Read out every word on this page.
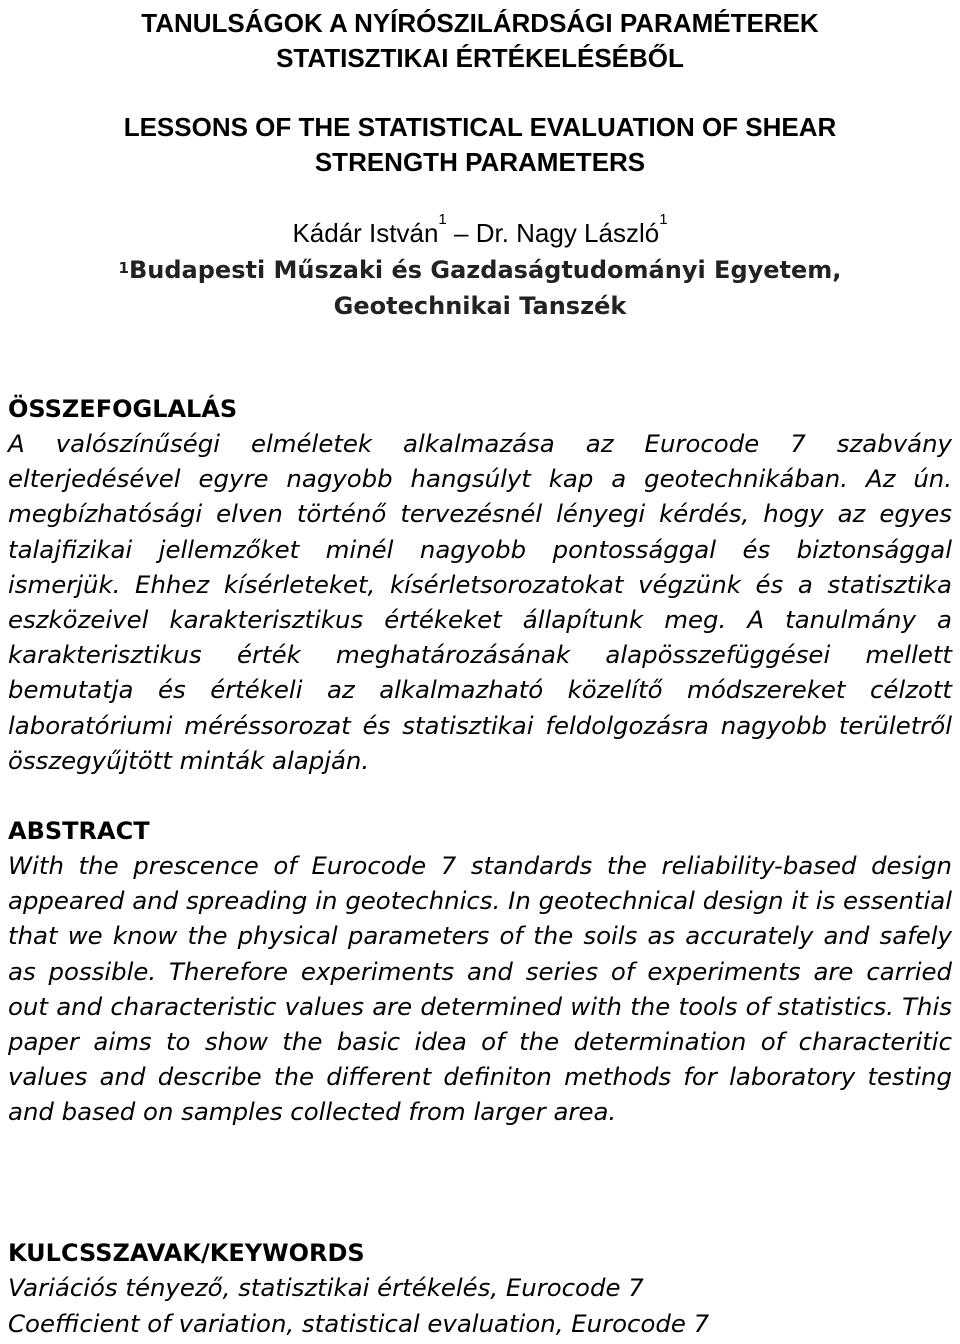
TANULSÁGOK A NYÍRÓSZILÁRDSÁGI PARAMÉTEREK
STATISZTIKAI ÉRTÉKELÉSÉBŐL
LESSONS OF THE STATISTICAL EVALUATION OF SHEAR
STRENGTH PARAMETERS
Kádár István$^1$ – Dr. Nagy László$^1$
$^1$Budapesti Műszaki és Gazdaságtudományi Egyetem,
Geotechnikai Tanszék
ÖSSZEFOGLALÁS

A valószínűségi elméletek alkalmazása az Eurocode 7 szabvány elterjedésével egyre nagyobb hangsúlyt kap a geotechnikában. Az ún. megbízhatósági elven történő tervezésnél lényegi kérdés, hogy az egyes talajfizikai jellemzőket minél nagyobb pontossággal és biztonsággal ismerjük. Ehhez kísérleteket, kísérletsorozatokat végzünk és a statisztika eszközeivel karakterisztikus értékeket állapítunk meg. A tanulmány a karakterisztikus érték meghatározásának alapösszefüggései mellett bemutatja és értékeli az alkalmazható közelítő módszereket célzott laboratóriumi méréssorozat és statisztikai feldolgozásra nagyobb területről összegyűjtött minták alapján.

ABSTRACT

With the prescence of Eurocode 7 standards the reliability-based design appeared and spreading in geotechnics. In geotechnical design it is essential that we know the physical parameters of the soils as accurately and safely as possible. Therefore experiments and series of experiments are carried out and characteristic values are determined with the tools of statistics. This paper aims to show the basic idea of the determination of characteritic values and describe the different definiton methods for laboratory testing and based on samples collected from larger area.

KULCSSZAVAK/KEYWORDS

Variációs tényező, statisztikai értékelés, Eurocode 7

Coefficient of variation, statistical evaluation, Eurocode 7
